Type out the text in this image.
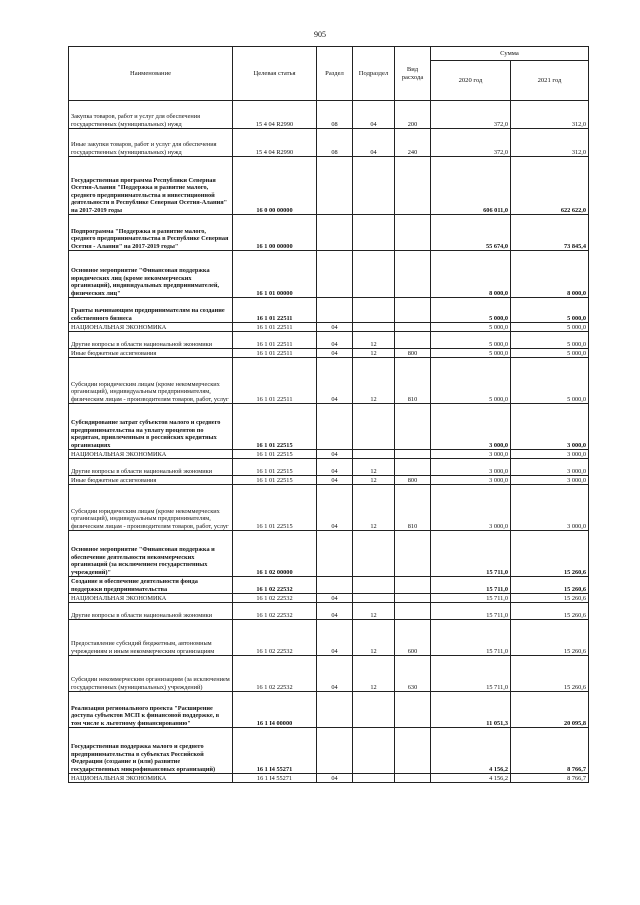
905
Наименование	Целевая статья	Раздел	Подраздел	Вид расхода	Сумма	
					2020 год	2021 год
Закупка товаров, работ и услуг для обеспечения государственных (муниципальных) нужд	15 4 04 R2990	08	04	200	372,0	312,0
Иные закупки товаров, работ и услуг для обеспечения государственных (муниципальных) нужд	15 4 04 R2990	08	04	240	372,0	312,0
Государственная программа Республики Северная Осетия-Алания "Поддержка и развитие малого, среднего предпринимательства и инвестиционной деятельности в Республике Северная Осетия-Алания" на 2017-2019 годы	16 0 00 00000				606 011,0	622 622,0
Подпрограмма "Поддержка и развитие малого, среднего предпринимательства в Республике Северная Осетия - Алания" на 2017-2019 годы"	16 1 00 00000				55 674,0	73 845,4
Основное мероприятие "Финансовая поддержка юридических лиц (кроме некоммерческих организаций), индивидуальных предпринимателей, физических лиц"	16 1 01 00000				8 000,0	8 000,0
Гранты начинающим предпринимателям на создание собственного бизнеса	16 1 01 22511				5 000,0	5 000,0
НАЦИОНАЛЬНАЯ ЭКОНОМИКА	16 1 01 22511	04			5 000,0	5 000,0
Другие вопросы в области национальной экономики	16 1 01 22511	04	12		5 000,0	5 000,0
Иные бюджетные ассигнования	16 1 01 22511	04	12	800	5 000,0	5 000,0
Субсидии юридическим лицам (кроме некоммерческих организаций), индивидуальным предпринимателям, физическим лицам - производителям товаров, работ, услуг	16 1 01 22511	04	12	810	5 000,0	5 000,0
Субсидирование затрат субъектов малого и среднего предпринимательства на уплату процентов по кредитам, привлеченным в российских кредитных организациях	16 1 01 22515				3 000,0	3 000,0
НАЦИОНАЛЬНАЯ ЭКОНОМИКА	16 1 01 22515	04			3 000,0	3 000,0
Другие вопросы в области национальной экономики	16 1 01 22515	04	12		3 000,0	3 000,0
Иные бюджетные ассигнования	16 1 01 22515	04	12	800	3 000,0	3 000,0
Субсидии юридическим лицам (кроме некоммерческих организаций), индивидуальным предпринимателям, физическим лицам - производителям товаров, работ, услуг	16 1 01 22515	04	12	810	3 000,0	3 000,0
Основное мероприятие "Финансовая поддержка и обеспечение деятельности некоммерческих организаций (за исключением государственных учреждений)"	16 1 02 00000				15 711,0	15 260,6
Создание и обеспечение деятельности фонда поддержки предпринимательства	16 1 02 22532				15 711,0	15 260,6
НАЦИОНАЛЬНАЯ ЭКОНОМИКА	16 1 02 22532	04			15 711,0	15 260,6
Другие вопросы в области национальной экономики	16 1 02 22532	04	12		15 711,0	15 260,6
Предоставление субсидий бюджетным, автономным учреждениям и иным некоммерческим организациям	16 1 02 22532	04	12	600	15 711,0	15 260,6
Субсидии некоммерческим организациям (за исключением государственных (муниципальных) учреждений)	16 1 02 22532	04	12	630	15 711,0	15 260,6
Реализация регионального проекта "Расширение доступа субъектов МСП к финансовой поддержке, в том числе к льготному финансированию"	16 1 I4 00000				11 051,3	20 095,8
Государственная поддержка малого и среднего предпринимательства в субъектах Российской Федерации (создание и (или) развитие государственных микрофинансовых организаций)	16 1 I4 55271				4 156,2	8 766,7
НАЦИОНАЛЬНАЯ ЭКОНОМИКА	16 1 I4 55271	04			4 156,2	8 766,7
